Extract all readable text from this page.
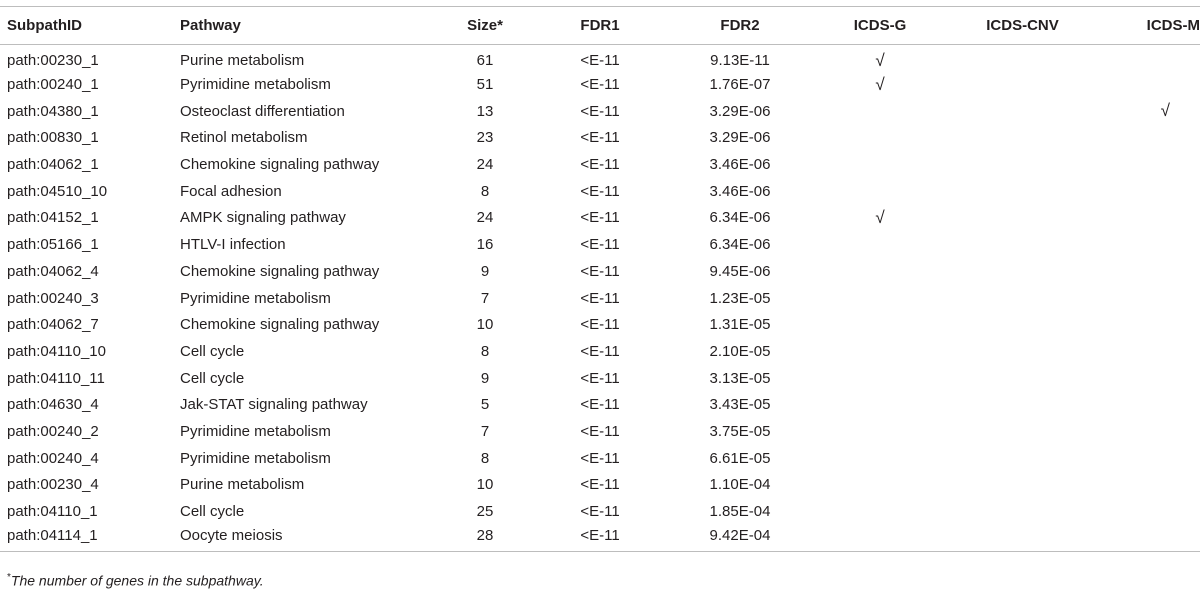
SubpathID	Pathway	Size*	FDR1	FDR2	ICDS-G	ICDS-CNV	ICDS-M
path:00230_1	Purine metabolism	61	<E-11	9.13E-11	√		
path:00240_1	Pyrimidine metabolism	51	<E-11	1.76E-07	√		
path:04380_1	Osteoclast differentiation	13	<E-11	3.29E-06			√
path:00830_1	Retinol metabolism	23	<E-11	3.29E-06			
path:04062_1	Chemokine signaling pathway	24	<E-11	3.46E-06			
path:04510_10	Focal adhesion	8	<E-11	3.46E-06			
path:04152_1	AMPK signaling pathway	24	<E-11	6.34E-06	√		
path:05166_1	HTLV-I infection	16	<E-11	6.34E-06			
path:04062_4	Chemokine signaling pathway	9	<E-11	9.45E-06			
path:00240_3	Pyrimidine metabolism	7	<E-11	1.23E-05			
path:04062_7	Chemokine signaling pathway	10	<E-11	1.31E-05			
path:04110_10	Cell cycle	8	<E-11	2.10E-05			
path:04110_11	Cell cycle	9	<E-11	3.13E-05			
path:04630_4	Jak-STAT signaling pathway	5	<E-11	3.43E-05			
path:00240_2	Pyrimidine metabolism	7	<E-11	3.75E-05			
path:00240_4	Pyrimidine metabolism	8	<E-11	6.61E-05			
path:00230_4	Purine metabolism	10	<E-11	1.10E-04			
path:04110_1	Cell cycle	25	<E-11	1.85E-04			
path:04114_1	Oocyte meiosis	28	<E-11	9.42E-04			
*The number of genes in the subpathway.
